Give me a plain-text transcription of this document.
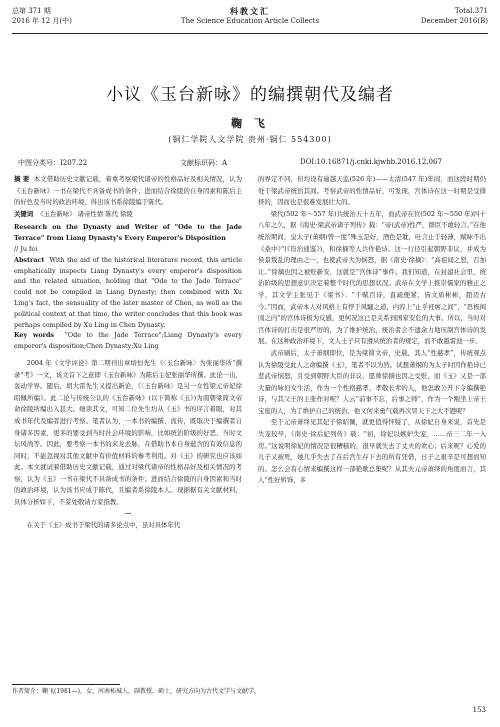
总第 371 期
2016 年 12 月(中)
科教文汇
The Science Education Article Collects
Total.371
December 2016(B)
小议《玉台新咏》的编撰朝代及编者
鞠 飞
(铜仁学院人文学院 贵州·铜仁 554300)
中图分类号：I207.22	文献标识码：A	DOI:10.16871/j.cnki.kjwhb.2016.12.067

摘 要 本文借助历史文献记载，着重考察梁代诸帝的性格品好及相关情况，认为《玉台新咏》一书在梁代不具备成书的条件；进而结合徐陵的自身因素和陈后主的好色及当时的政治环境，得出该书系徐陵编于陈代。

关键词 《玉台新咏》 诸帝性情 陈代 徐陵

Research on the Dynasty and Writer of "Ode to the Jade Terrace" from Liang Dynasty's Every Emperor's Disposition

// Ju fei

Abstract With the aid of the historical literature record, this article emphatically inspects Liang Dynasty's every emperor's disposition and the related situation, holding that "Ode to the Jade Terrace" could not be compiled in Liang Dynasty; then combined with Xu Ling's fact, the sensuality of the later master of Chen, as well as the political context at that time, the writer concludes that this book was perhaps compiled by Xu Ling in Chen Dynasty.

Key words "Ode to the Jade Terrace";Liang Dynasty's every emperor's disposition;Chen Dynasty;Xu Ling

2004 年《文学评论》第二期刊出章培恒先生《〈玉台新咏〉为张丽华所“撰录”考》一文，该文首下之意即《玉台新咏》为陈后主妃张丽华所撰。此论一出，轰动学界。随后，胡大雷先生又提出新论，《〈玉台新咏〉是另一女性梁元帝妃徐昭佩所编》。此二论与传统公认的《玉台新咏》(以下简称《玉》)为南朝梁简文帝命徐陵所编出入甚大。细读其文，可知二位先生均从《玉》书的序言着眼，对其成书年代及编者进行考察。笔者认为，一本书的编撰、流传，既取决于编撰者自身诸多因素，更多的要受到当时社会环境的影响，比如统治阶级的好恶、当时文坛风尚等。因此，要考察一本书的来龙去脉，在借助书本自身蕴含的有效信息的同时，不能忽视对其他文献中有价值材料的参考利用。对《玉》的研究也应该如此。本文就试着借助历史文献记载，通过对梁代诸帝的性格品好及相关情况的考察，认为《玉》一书在梁代不具备成书的条件；进而结合徐陵的自身因素和当时的政治环境，认为该书应成于陈代，且编者系徐陵本人。现据据有关文献材料，具体分析如下，不妥处敬请方家指教。

一

在关于《玉》成书于梁代的诸多论点中，虽对具体年代

的界定不同，但均设有逾越天监(526 年)——太清(547 年)年间，而这段时期仍处于梁武帝统治其间。考察武帝的性情品好，可发现，宫体诗在这一时期是受排挤的，因而也是很难发展壮大的。

梁代(502 年～557 年)共统治五十五年，而武帝在位(502 年～550 年)四十八年之久，据《南史·梁武帝诸子列传》载：“帝(武帝)性严，群臣不敢轻言。”在他统治期间，皇太子(萧纲)曾一度“殊玉是好，酒色是耽，吐言止于轻薄，赋咏不出《桑中》”(《资治通鉴》)，和徐摘等人共作艳诗。这一行径引起朝野非议，并成为侯景叛乱的理由之一，也使武帝大为恼怒，据《南史·徐摘》：“高祖闻之怒，召加让。”徐摘也因之被贬新安，这就是“宫体诗”事件。我们知道，在封建社会里，统治阶级的思想意识决定着整个时代的思想状况。武帝在文学上推崇儒家的雅正之学，其文学主张见于《梁书》：“千赋百诗，直疏便紧，皆文质彬彬，超迈古今。”因而，武帝本人对风格上有悖于风騒之道，内容上“止乎衽席之间”、“思极闺闱之内”的宫体诗极为反感，更何况这已是关系到国家安危的大事。所以，当时对宫体诗的打击是很严厉的，为了维护统治，统治者会不遗余力地压制宫体诗的发展。在这种政治环境下，文人士子只有遵从统治者的规定，而不敢越雷池一步。

武帝刷后，太子萧纲即位，是为梁简文帝，史载，其人“性慈孝”，传统观点认为徐陵受此人之命编撰《玉》，笔者不以为然。试想萧纲的为太子时因作艳诗已惹武帝恼怒，且受到朝野大臣的非议，愿师徐摘也因之受贬，而《玉》又是一部大量的咏妇女生活，作为一个性格慈孝、孝敬长辈的人，他怎敢公开下令编撰艳诗，与其父王的主张作对呢？人云“前事不忘，后事之师”，作为一个刚坐上帝王宝座的人，为了维护自己的统治，他又何来勇气载再次冒天下之大不韪呢？

至于元帝萧绎见其妃子徐昭佩，就更值得怀疑了，从徐妃自身来说，首先是失宠较早，《南史·徐后妃列传》载：“初，徐妃以嫉妒失宠，……帝三二年一入房。”这说明徐妃的情况是很糟糕的，很早就失去了丈夫的欢心；后来呢？心爱的儿子又被死，她几乎失去了在后宫生存下去的所有凭借，日子之艰辛是可想而知的。怎么会有心情来编撰这样一部艳歌总集呢？从其夫元帝萧绎的角度而言，其人“性好矫饰，多

作者简介：鞠飞(1981—)，女，河南柘城人，副教授，硕士，研究方向为古代文学与文献学。
153
